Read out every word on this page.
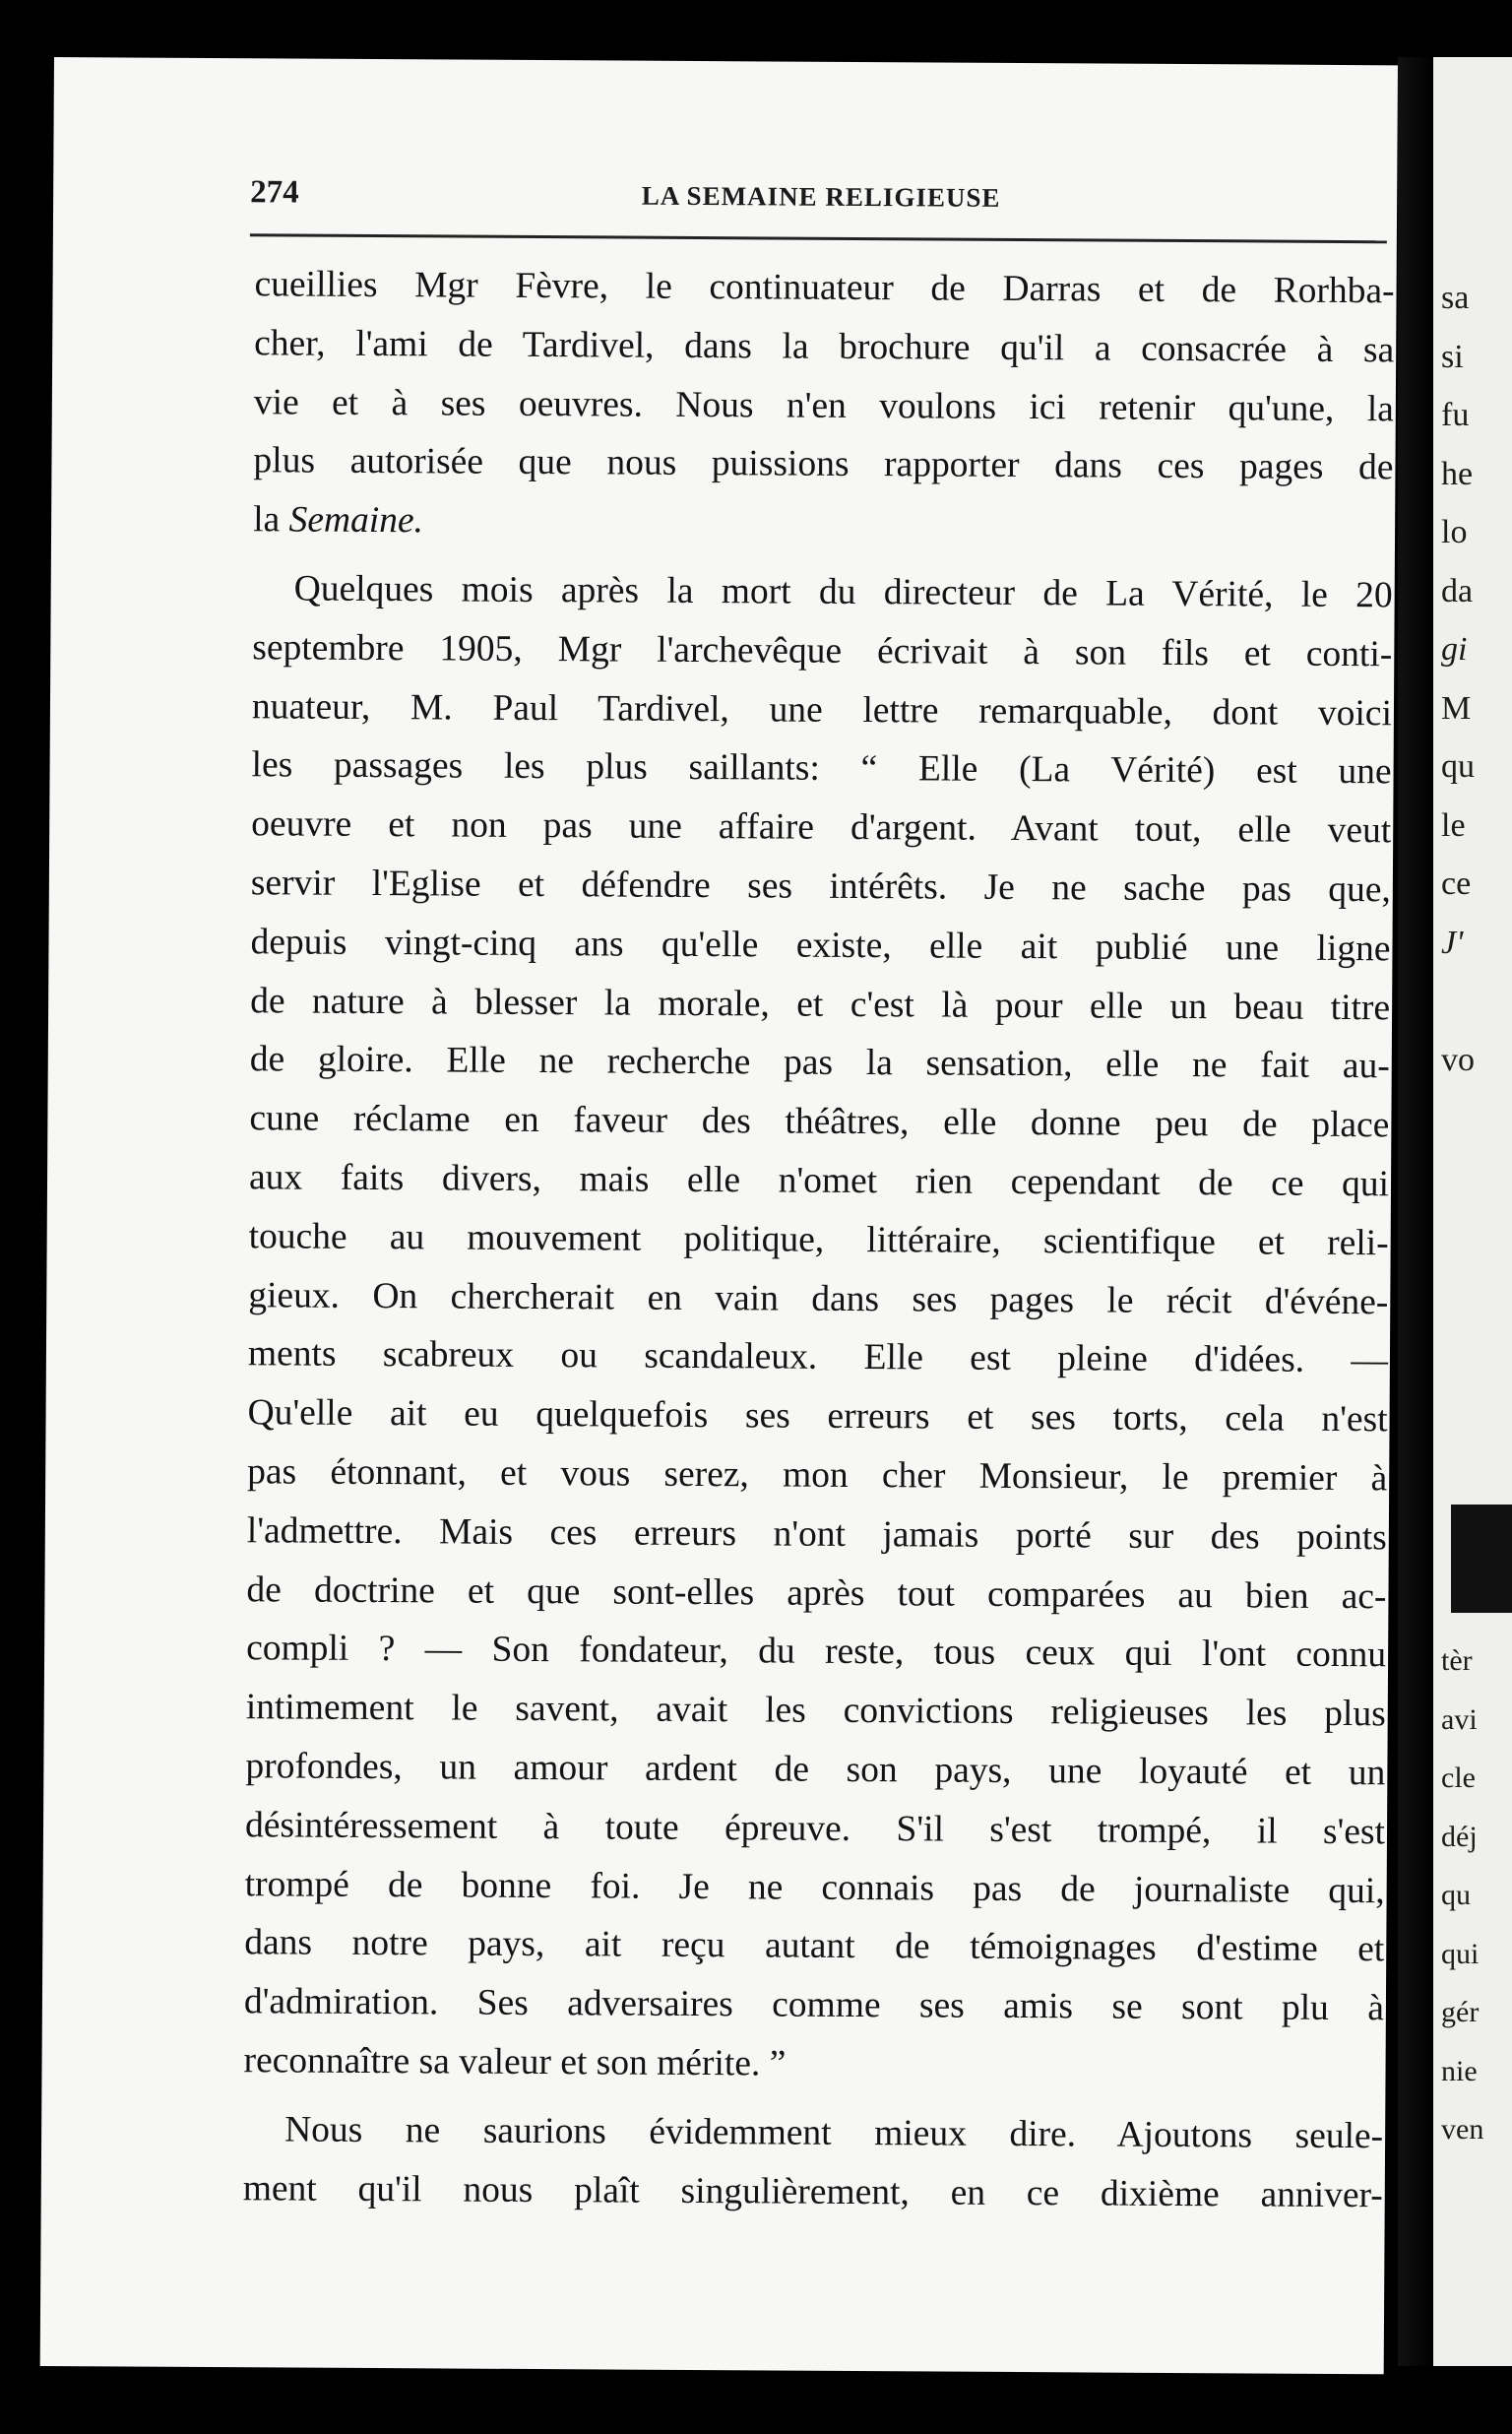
274	LA SEMAINE RELIGIEUSE

cueillies Mgr Fèvre, le continuateur de Darras et de Rorhba-
cher, l'ami de Tardivel, dans la brochure qu'il a consacrée à sa
vie et à ses oeuvres. Nous n'en voulons ici retenir qu'une, la
plus autorisée que nous puissions rapporter dans ces pages de
la Semaine.

Quelques mois après la mort du directeur de La Vérité, le 20
septembre 1905, Mgr l'archevêque écrivait à son fils et conti-
nuateur, M. Paul Tardivel, une lettre remarquable, dont voici
les passages les plus saillants: “ Elle (La Vérité) est une
oeuvre et non pas une affaire d'argent. Avant tout, elle veut
servir l'Eglise et défendre ses intérêts. Je ne sache pas que,
depuis vingt-cinq ans qu'elle existe, elle ait publié une ligne
de nature à blesser la morale, et c'est là pour elle un beau titre
de gloire. Elle ne recherche pas la sensation, elle ne fait au-
cune réclame en faveur des théâtres, elle donne peu de place
aux faits divers, mais elle n'omet rien cependant de ce qui
touche au mouvement politique, littéraire, scientifique et reli-
gieux. On chercherait en vain dans ses pages le récit d'événe-
ments scabreux ou scandaleux. Elle est pleine d'idées. —
Qu'elle ait eu quelquefois ses erreurs et ses torts, cela n'est
pas étonnant, et vous serez, mon cher Monsieur, le premier à
l'admettre. Mais ces erreurs n'ont jamais porté sur des points
de doctrine et que sont-elles après tout comparées au bien ac-
compli ? — Son fondateur, du reste, tous ceux qui l'ont connu
intimement le savent, avait les convictions religieuses les plus
profondes, un amour ardent de son pays, une loyauté et un
désintéressement à toute épreuve. S'il s'est trompé, il s'est
trompé de bonne foi. Je ne connais pas de journaliste qui,
dans notre pays, ait reçu autant de témoignages d'estime et
d'admiration. Ses adversaires comme ses amis se sont plu à
reconnaître sa valeur et son mérite. ”

Nous ne saurions évidemment mieux dire. Ajoutons seule-
ment qu'il nous plaît singulièrement, en ce dixième anniver-

sa
si
fu
he
lo
da
gi
M
qu
le
ce
J'
vo
tèr
avi
cle
déj
qu
qui
gér
nie
ven
